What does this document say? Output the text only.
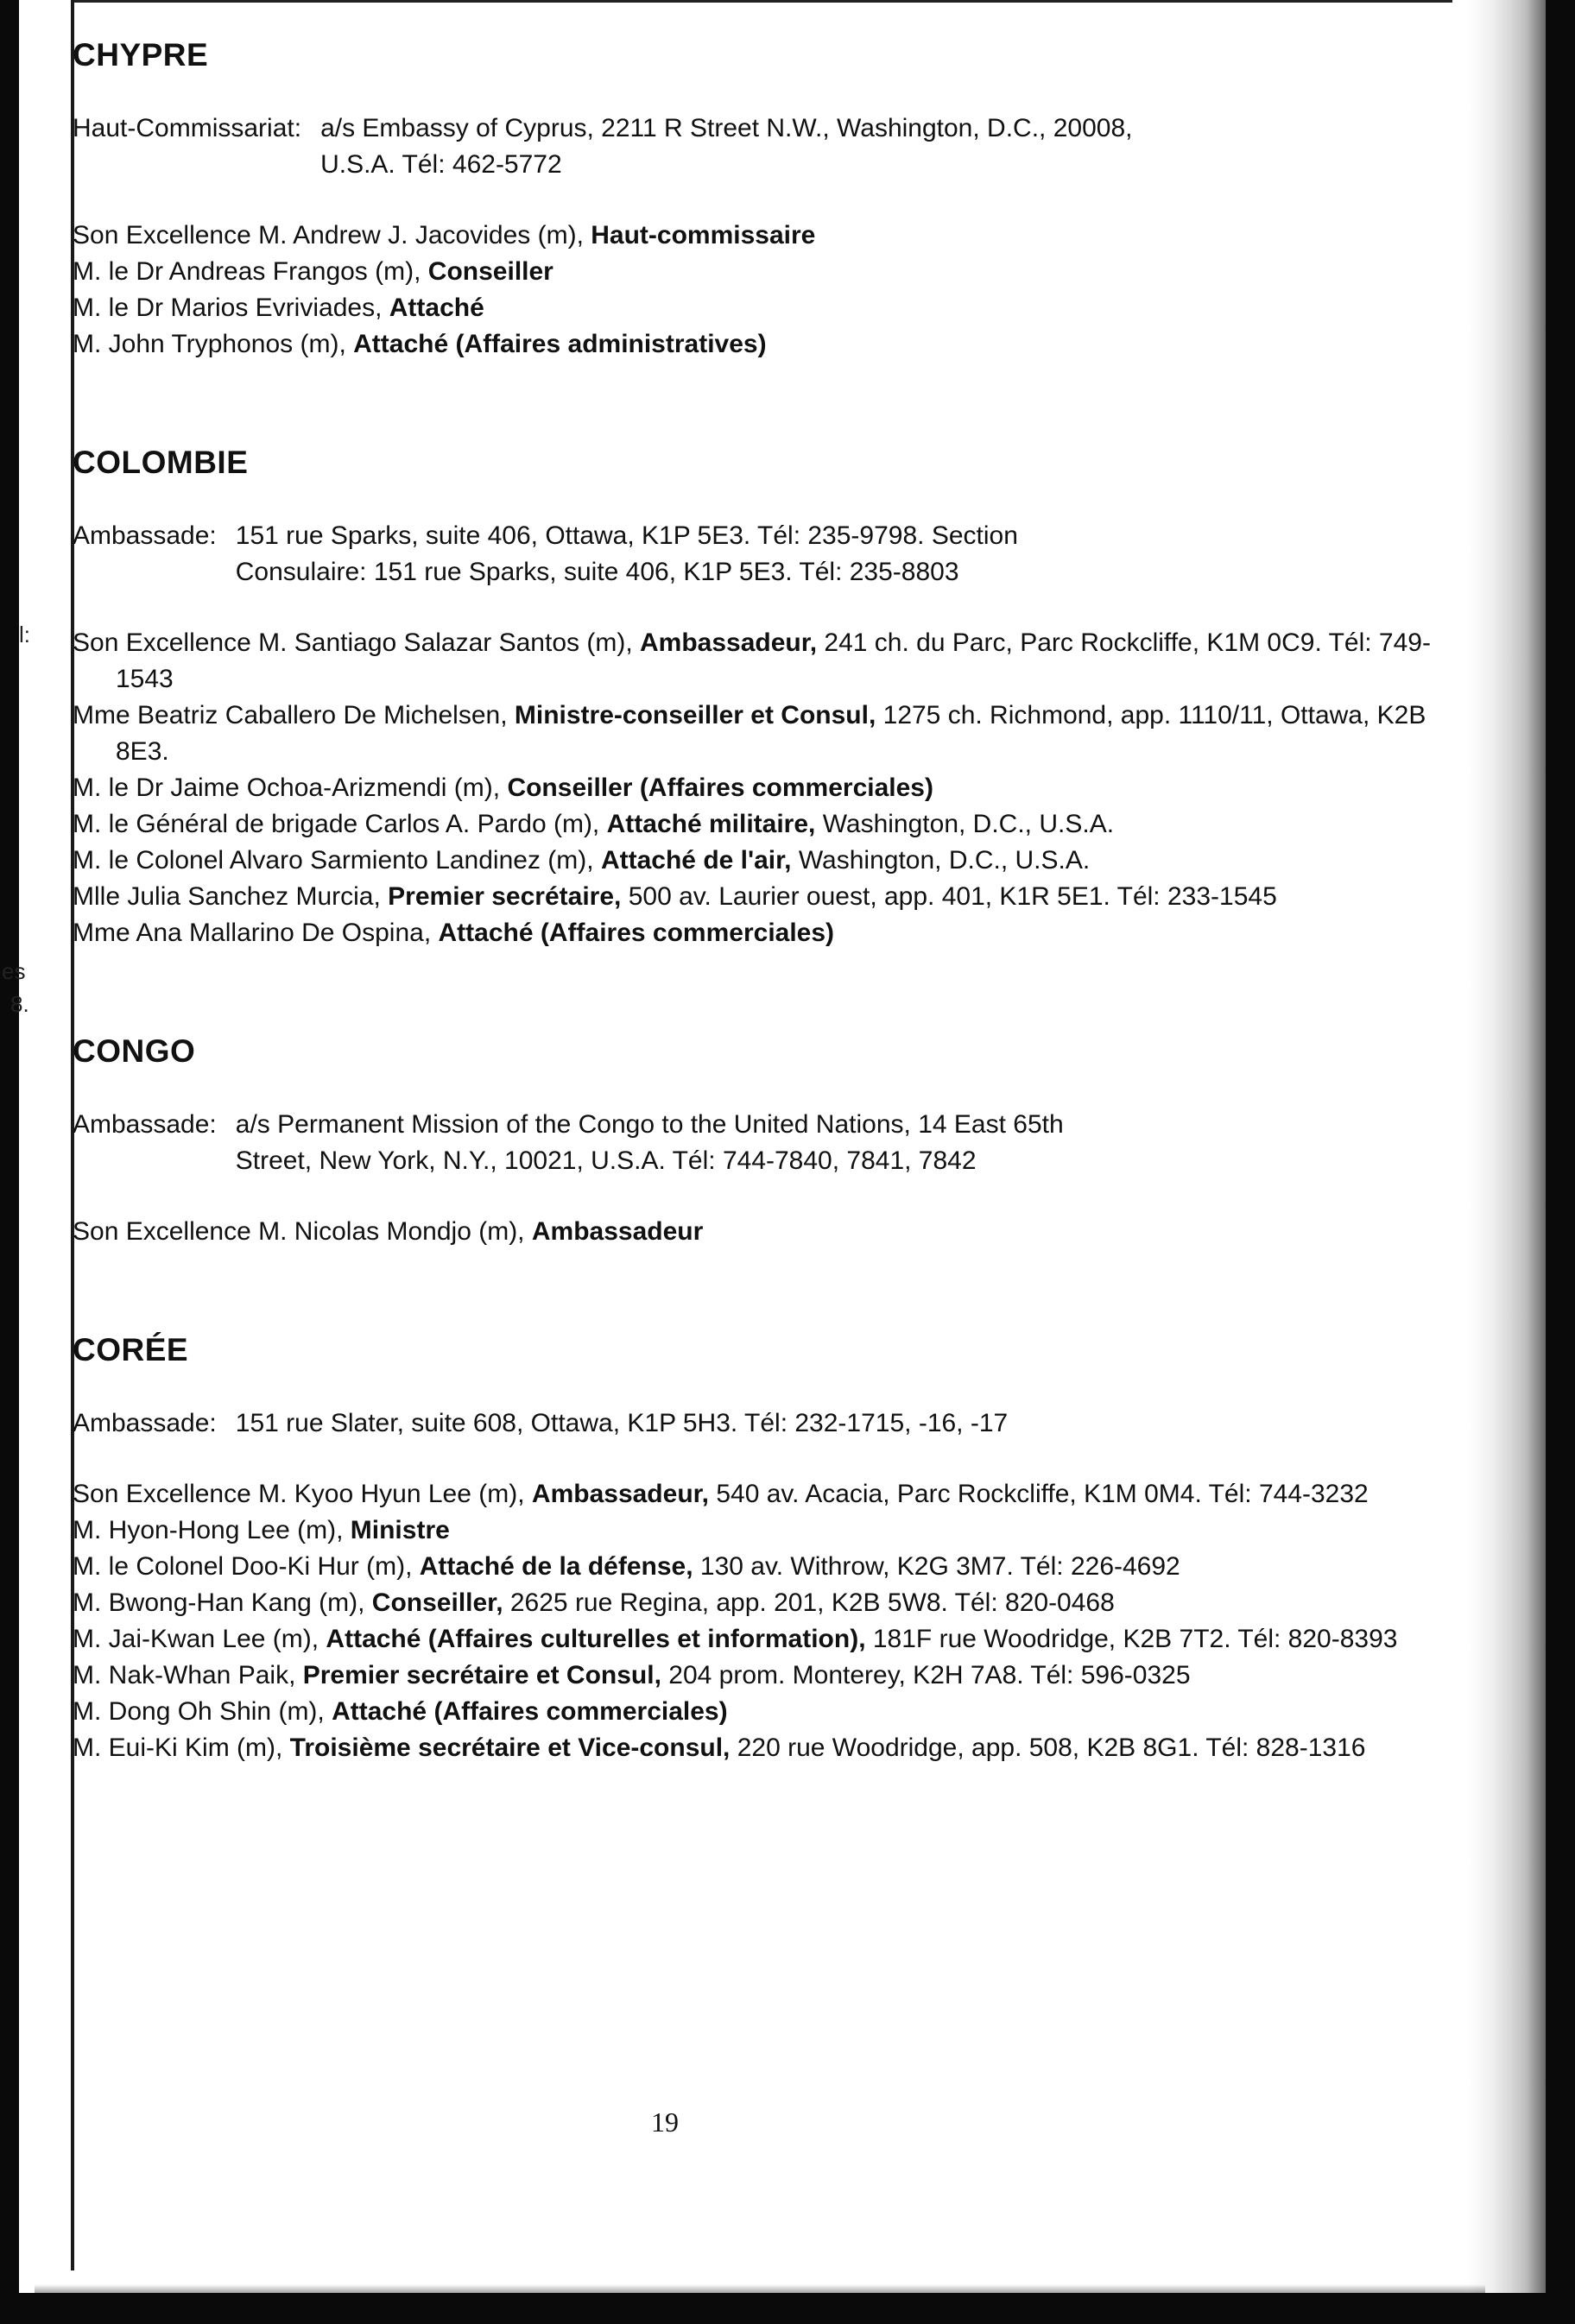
l:
es
8.
CHYPRE
Haut-Commissariat: a/s Embassy of Cyprus, 2211 R Street N.W., Washington, D.C., 20008,
U.S.A. Tél: 462-5772

Son Excellence M. Andrew J. Jacovides (m), Haut-commissaire

M. le Dr Andreas Frangos (m), Conseiller

M. le Dr Marios Evriviades, Attaché

M. John Tryphonos (m), Attaché (Affaires administratives)

COLOMBIE
Ambassade: 151 rue Sparks, suite 406, Ottawa, K1P 5E3. Tél: 235-9798. Section
Consulaire: 151 rue Sparks, suite 406, K1P 5E3. Tél: 235-8803

Son Excellence M. Santiago Salazar Santos (m), Ambassadeur, 241 ch. du Parc, Parc Rockcliffe, K1M 0C9. Tél: 749-1543

Mme Beatriz Caballero De Michelsen, Ministre-conseiller et Consul, 1275 ch. Richmond, app. 1110/11, Ottawa, K2B 8E3.

M. le Dr Jaime Ochoa-Arizmendi (m), Conseiller (Affaires commerciales)

M. le Général de brigade Carlos A. Pardo (m), Attaché militaire, Washington, D.C., U.S.A.

M. le Colonel Alvaro Sarmiento Landinez (m), Attaché de l'air, Washington, D.C., U.S.A.

Mlle Julia Sanchez Murcia, Premier secrétaire, 500 av. Laurier ouest, app. 401, K1R 5E1. Tél: 233-1545

Mme Ana Mallarino De Ospina, Attaché (Affaires commerciales)

CONGO
Ambassade: a/s Permanent Mission of the Congo to the United Nations, 14 East 65th
Street, New York, N.Y., 10021, U.S.A. Tél: 744-7840, 7841, 7842

Son Excellence M. Nicolas Mondjo (m), Ambassadeur

CORÉE
Ambassade: 151 rue Slater, suite 608, Ottawa, K1P 5H3. Tél: 232-1715, -16, -17

Son Excellence M. Kyoo Hyun Lee (m), Ambassadeur, 540 av. Acacia, Parc Rockcliffe, K1M 0M4. Tél: 744-3232

M. Hyon-Hong Lee (m), Ministre

M. le Colonel Doo-Ki Hur (m), Attaché de la défense, 130 av. Withrow, K2G 3M7. Tél: 226-4692

M. Bwong-Han Kang (m), Conseiller, 2625 rue Regina, app. 201, K2B 5W8. Tél: 820-0468

M. Jai-Kwan Lee (m), Attaché (Affaires culturelles et information), 181F rue Woodridge, K2B 7T2. Tél: 820-8393

M. Nak-Whan Paik, Premier secrétaire et Consul, 204 prom. Monterey, K2H 7A8. Tél: 596-0325

M. Dong Oh Shin (m), Attaché (Affaires commerciales)

M. Eui-Ki Kim (m), Troisième secrétaire et Vice-consul, 220 rue Woodridge, app. 508, K2B 8G1. Tél: 828-1316

19
